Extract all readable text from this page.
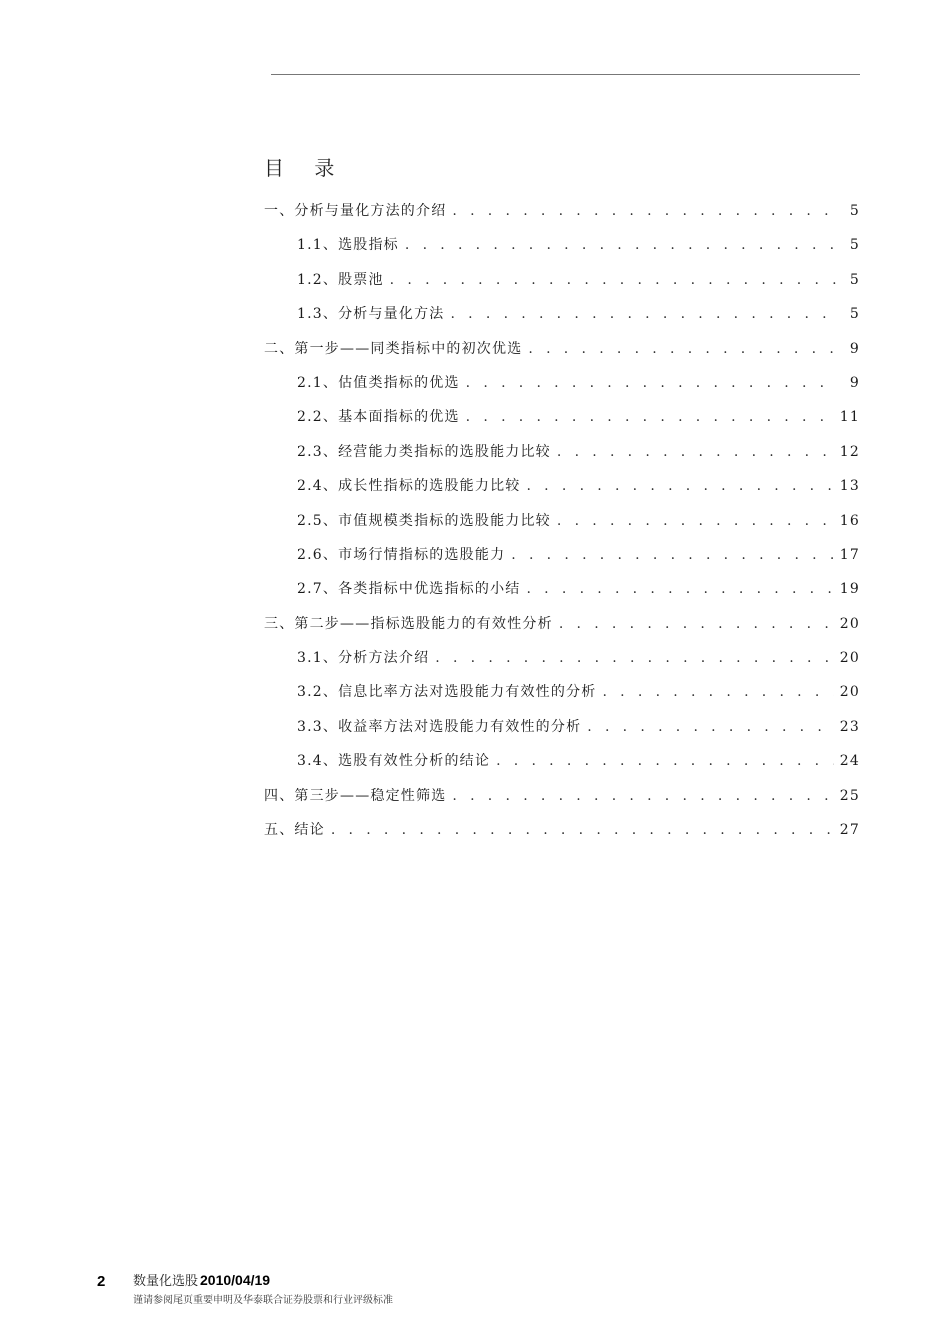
目 录
一、分析与量化方法的介绍 . . .	5
1.1、选股指标 . . .	5
1.2、股票池 . . .	5
1.3、分析与量化方法 . . .	5
二、第一步——同类指标中的初次优选 . . .	9
2.1、估值类指标的优选 . . .	9
2.2、基本面指标的优选 . . .	11
2.3、经营能力类指标的选股能力比较 . . .	12
2.4、成长性指标的选股能力比较 . . .	13
2.5、市值规模类指标的选股能力比较 . . .	16
2.6、市场行情指标的选股能力 . . .	17
2.7、各类指标中优选指标的小结 . . .	19
三、第二步——指标选股能力的有效性分析 . . .	20
3.1、分析方法介绍 . . .	20
3.2、信息比率方法对选股能力有效性的分析 . . .	20
3.3、收益率方法对选股能力有效性的分析 . . .	23
3.4、选股有效性分析的结论 . . .	24
四、第三步——稳定性筛选 . . .	25
五、结论 . . .	27
2 数量化选股 2010/04/19
谨请参阅尾页重要申明及华泰联合证券股票和行业评级标准
